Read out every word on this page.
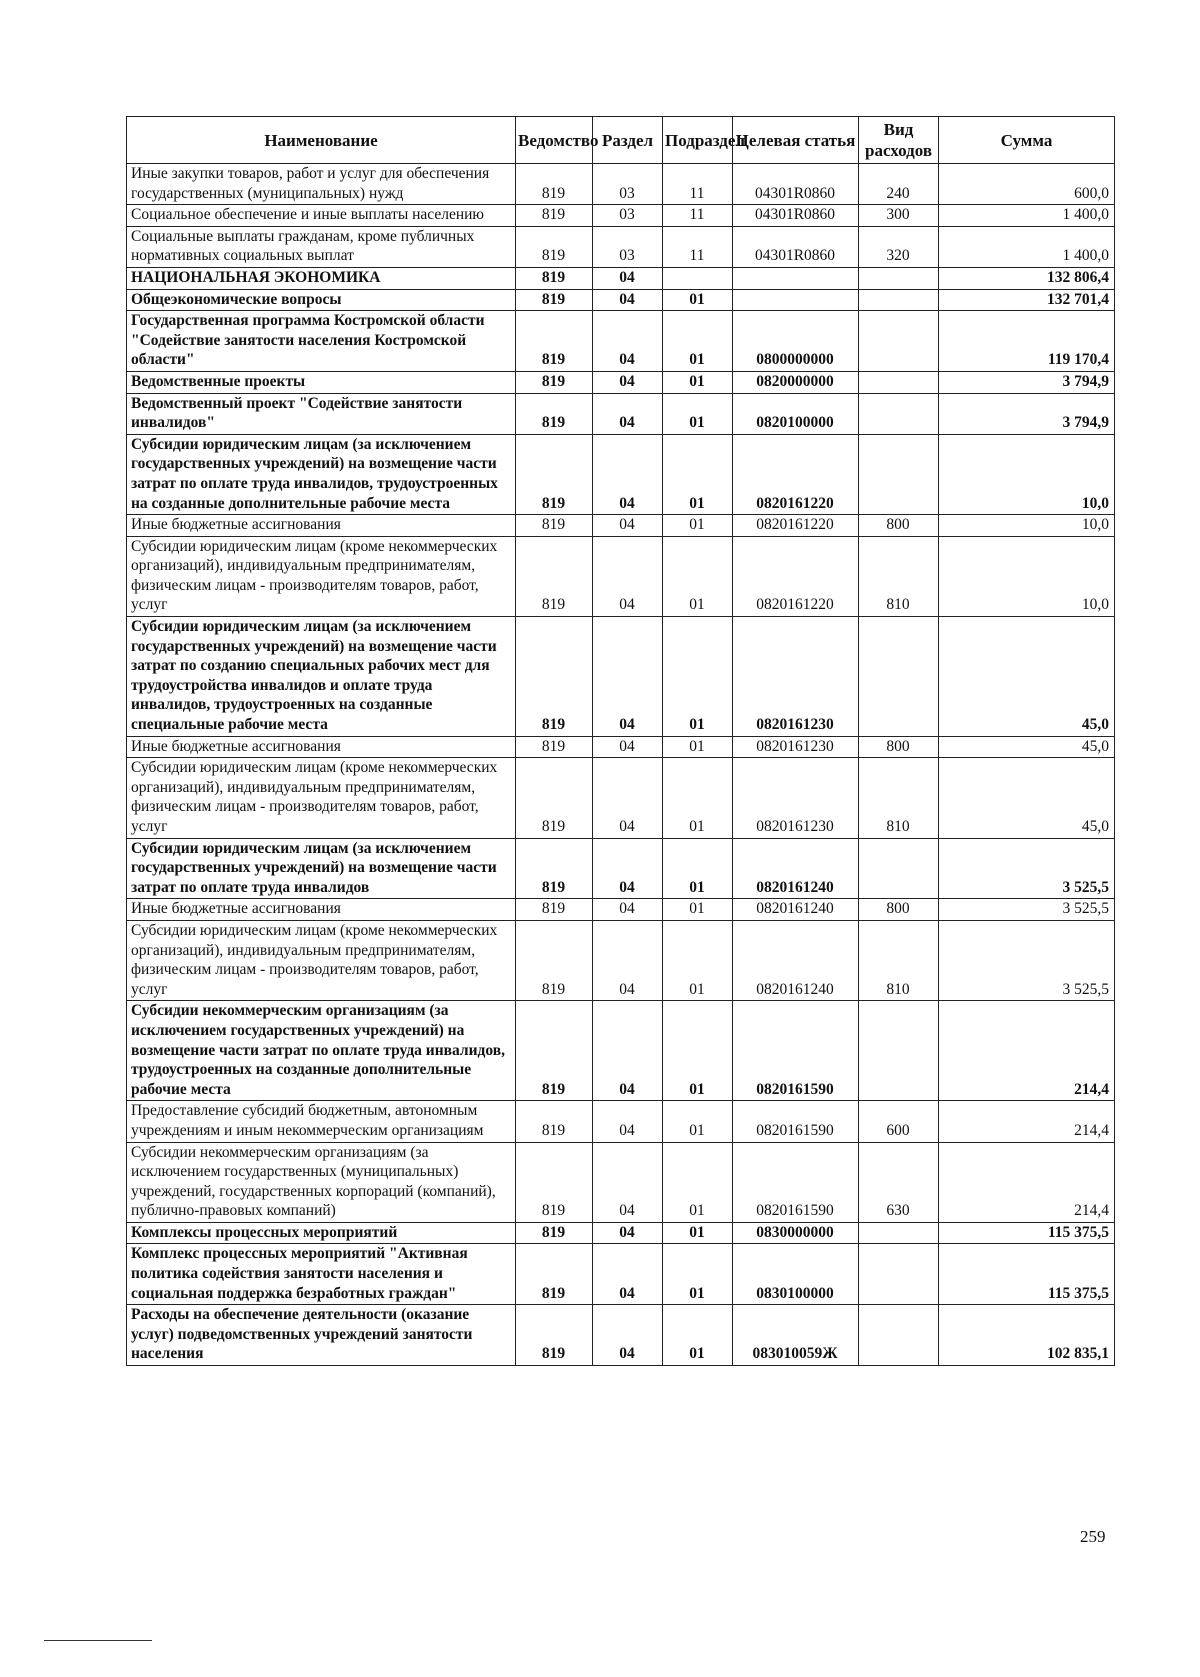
Наименование	Ведомство	Раздел	Подраздел	Целевая статья	Вид расходов	Сумма
Иные закупки товаров, работ и услуг для обеспечения государственных (муниципальных) нужд	819	03	11	04301R0860	240	600,0
Социальное обеспечение и иные выплаты населению	819	03	11	04301R0860	300	1 400,0
Социальные выплаты гражданам, кроме публичных нормативных социальных выплат	819	03	11	04301R0860	320	1 400,0
НАЦИОНАЛЬНАЯ ЭКОНОМИКА	819	04				132 806,4
Общеэкономические вопросы	819	04	01			132 701,4
Государственная программа Костромской области "Содействие занятости населения Костромской области"	819	04	01	0800000000		119 170,4
Ведомственные проекты	819	04	01	0820000000		3 794,9
Ведомственный проект "Содействие занятости инвалидов"	819	04	01	0820100000		3 794,9
Субсидии юридическим лицам (за исключением государственных учреждений) на возмещение части затрат по оплате труда инвалидов, трудоустроенных на созданные дополнительные рабочие места	819	04	01	0820161220		10,0
Иные бюджетные ассигнования	819	04	01	0820161220	800	10,0
Субсидии юридическим лицам (кроме некоммерческих организаций), индивидуальным предпринимателям, физическим лицам - производителям товаров, работ, услуг	819	04	01	0820161220	810	10,0
Субсидии юридическим лицам (за исключением государственных учреждений) на возмещение части затрат по созданию специальных рабочих мест для трудоустройства инвалидов и оплате труда инвалидов, трудоустроенных на созданные специальные рабочие места	819	04	01	0820161230		45,0
Иные бюджетные ассигнования	819	04	01	0820161230	800	45,0
Субсидии юридическим лицам (кроме некоммерческих организаций), индивидуальным предпринимателям, физическим лицам - производителям товаров, работ, услуг	819	04	01	0820161230	810	45,0
Субсидии юридическим лицам (за исключением государственных учреждений) на возмещение части затрат по оплате труда инвалидов	819	04	01	0820161240		3 525,5
Иные бюджетные ассигнования	819	04	01	0820161240	800	3 525,5
Субсидии юридическим лицам (кроме некоммерческих организаций), индивидуальным предпринимателям, физическим лицам - производителям товаров, работ, услуг	819	04	01	0820161240	810	3 525,5
Субсидии некоммерческим организациям (за исключением государственных учреждений) на возмещение части затрат по оплате труда инвалидов, трудоустроенных на созданные дополнительные рабочие места	819	04	01	0820161590		214,4
Предоставление субсидий бюджетным, автономным учреждениям и иным некоммерческим организациям	819	04	01	0820161590	600	214,4
Субсидии некоммерческим организациям (за исключением государственных (муниципальных) учреждений, государственных корпораций (компаний), публично-правовых компаний)	819	04	01	0820161590	630	214,4
Комплексы процессных мероприятий	819	04	01	0830000000		115 375,5
Комплекс процессных мероприятий "Активная политика содействия занятости населения и социальная поддержка безработных граждан"	819	04	01	0830100000		115 375,5
Расходы на обеспечение деятельности (оказание услуг) подведомственных учреждений занятости населения	819	04	01	083010059Ж		102 835,1
259
